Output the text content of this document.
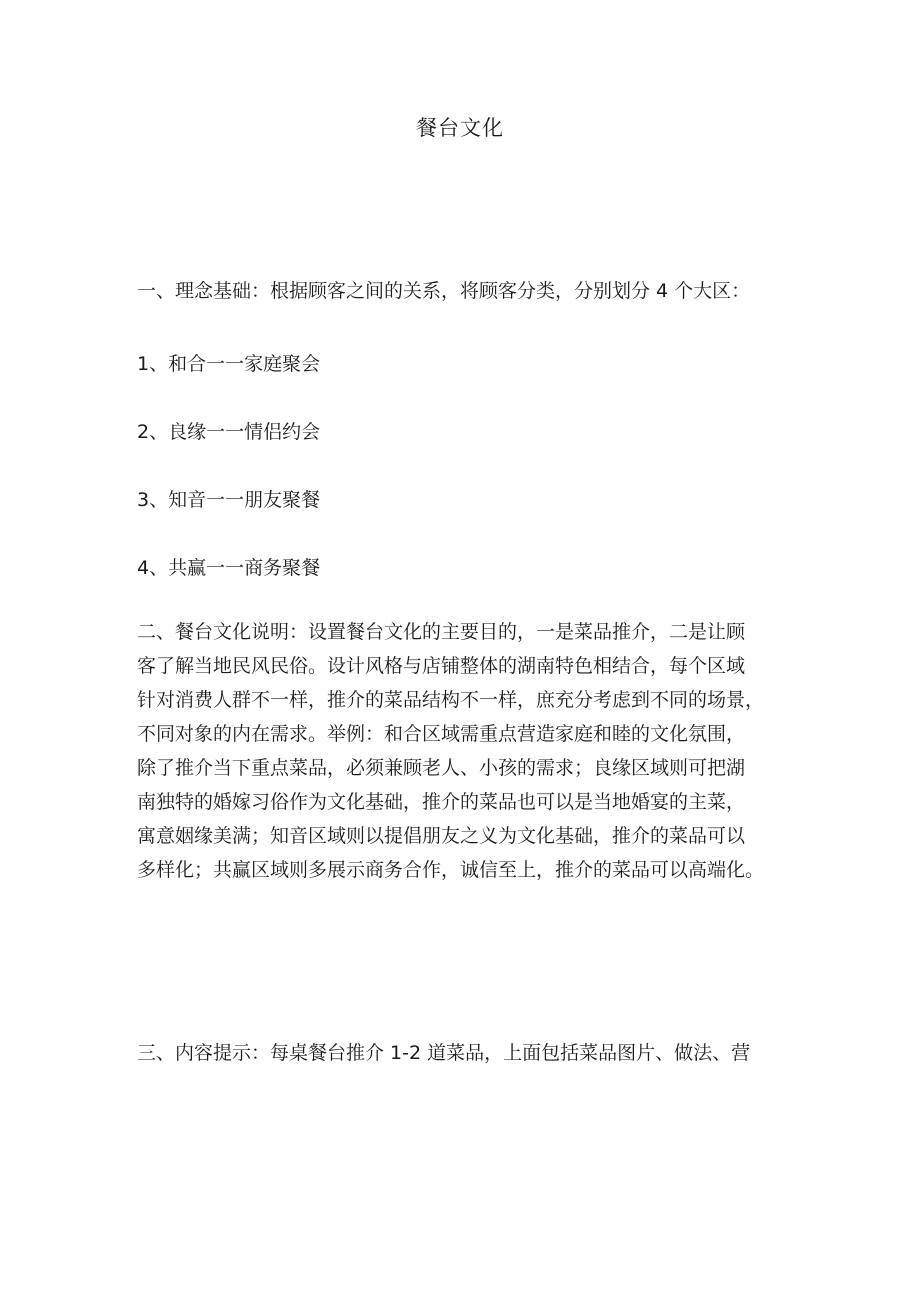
餐台文化
一、理念基础：根据顾客之间的关系，将顾客分类，分别划分 4 个大区：
1、和合一一家庭聚会
2、良缘一一情侣约会
3、知音一一朋友聚餐
4、共赢一一商务聚餐

二、餐台文化说明：设置餐台文化的主要目的，一是菜品推介，二是让顾
客了解当地民风民俗。设计风格与店铺整体的湖南特色相结合，每个区域
针对消费人群不一样，推介的菜品结构不一样，庶充分考虑到不同的场景，
不同对象的内在需求。举例：和合区域需重点营造家庭和睦的文化氛围，
除了推介当下重点菜品，必须兼顾老人、小孩的需求；良缘区域则可把湖
南独特的婚嫁习俗作为文化基础，推介的菜品也可以是当地婚宴的主菜，
寓意姻缘美满；知音区域则以提倡朋友之义为文化基础，推介的菜品可以
多样化；共赢区域则多展示商务合作，诚信至上，推介的菜品可以高端化。

三、内容提示：每桌餐台推介 1-2 道菜品，上面包括菜品图片、做法、营
